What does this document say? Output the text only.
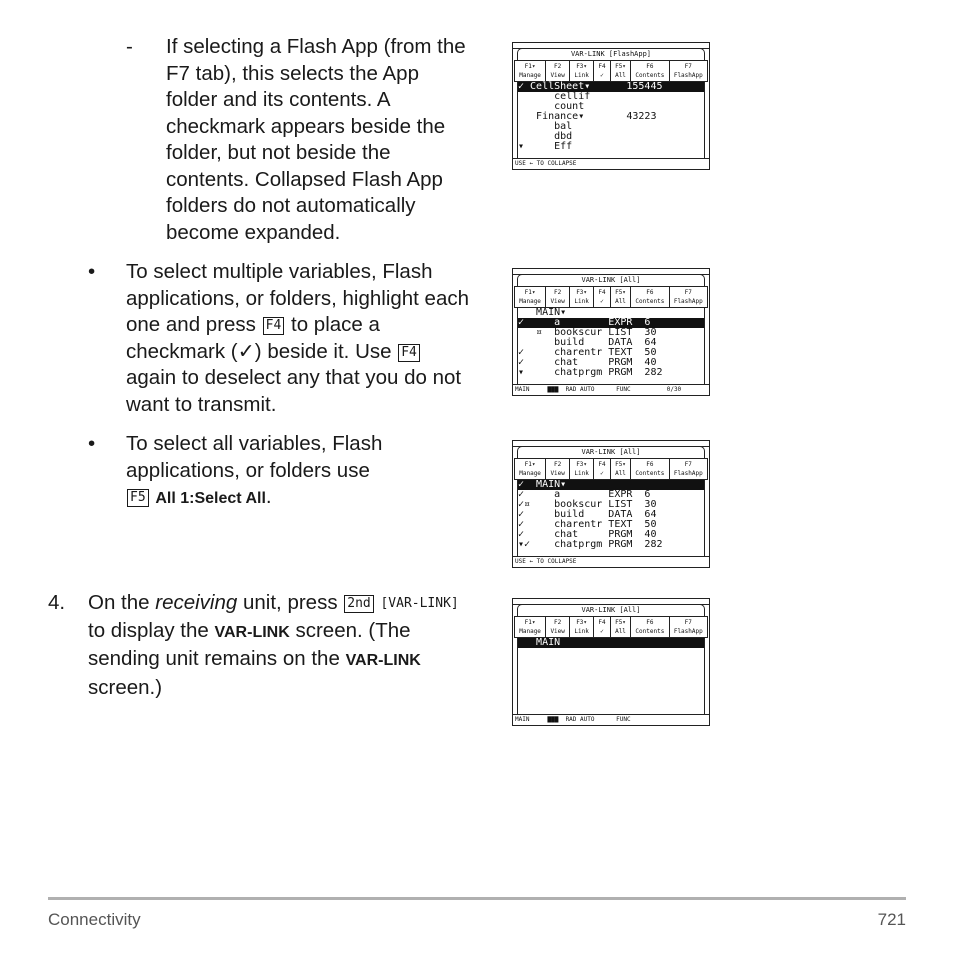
- If selecting a Flash App (from the
F7 tab), this selects the App
folder and its contents. A
checkmark appears beside the
folder, but not beside the
contents. Collapsed Flash App
folders do not automatically
become expanded.
• To select multiple variables, Flash
applications, or folders, highlight each
one and press F4 to place a
checkmark (✓) beside it. Use F4
again to deselect any that you do not
want to transmit.
• To select all variables, Flash
applications, or folders use
F5 All 1:Select All.
4. On the receiving unit, press 2nd [VAR-LINK]
to display the VAR-LINK screen. (The
sending unit remains on the VAR-LINK
screen.)
VAR-LINK [FlashApp]
F1▾
Manage
F2
View
F3▾
Link
F4
✓
F5▾
All
F6
Contents
F7
FlashApp
✓ CellSheet▾      155445
cellif
count
Finance▾       43223
bal
dbd
▾     Eff
USE ← TO COLLAPSE
VAR-LINK [All]
F1▾
Manage
F2
View
F3▾
Link
F4
✓
F5▾
All
F6
Contents
F7
FlashApp
MAIN▾
✓     a        EXPR  6
¤  bookscur LIST  30
build    DATA  64
✓     charentr TEXT  50
✓     chat     PRGM  40
▾     chatprgm PRGM  282
MAIN     ▇▇▇  RAD AUTO      FUNC          0/30
VAR-LINK [All]
F1▾
Manage
F2
View
F3▾
Link
F4
✓
F5▾
All
F6
Contents
F7
FlashApp
✓  MAIN▾
✓     a        EXPR  6
✓¤    bookscur LIST  30
✓     build    DATA  64
✓     charentr TEXT  50
✓     chat     PRGM  40
▾✓    chatprgm PRGM  282
USE ← TO COLLAPSE
VAR-LINK [All]
F1▾
Manage
F2
View
F3▾
Link
F4
✓
F5▾
All
F6
Contents
F7
FlashApp
MAIN
MAIN     ▇▇▇  RAD AUTO      FUNC
Connectivity	721
